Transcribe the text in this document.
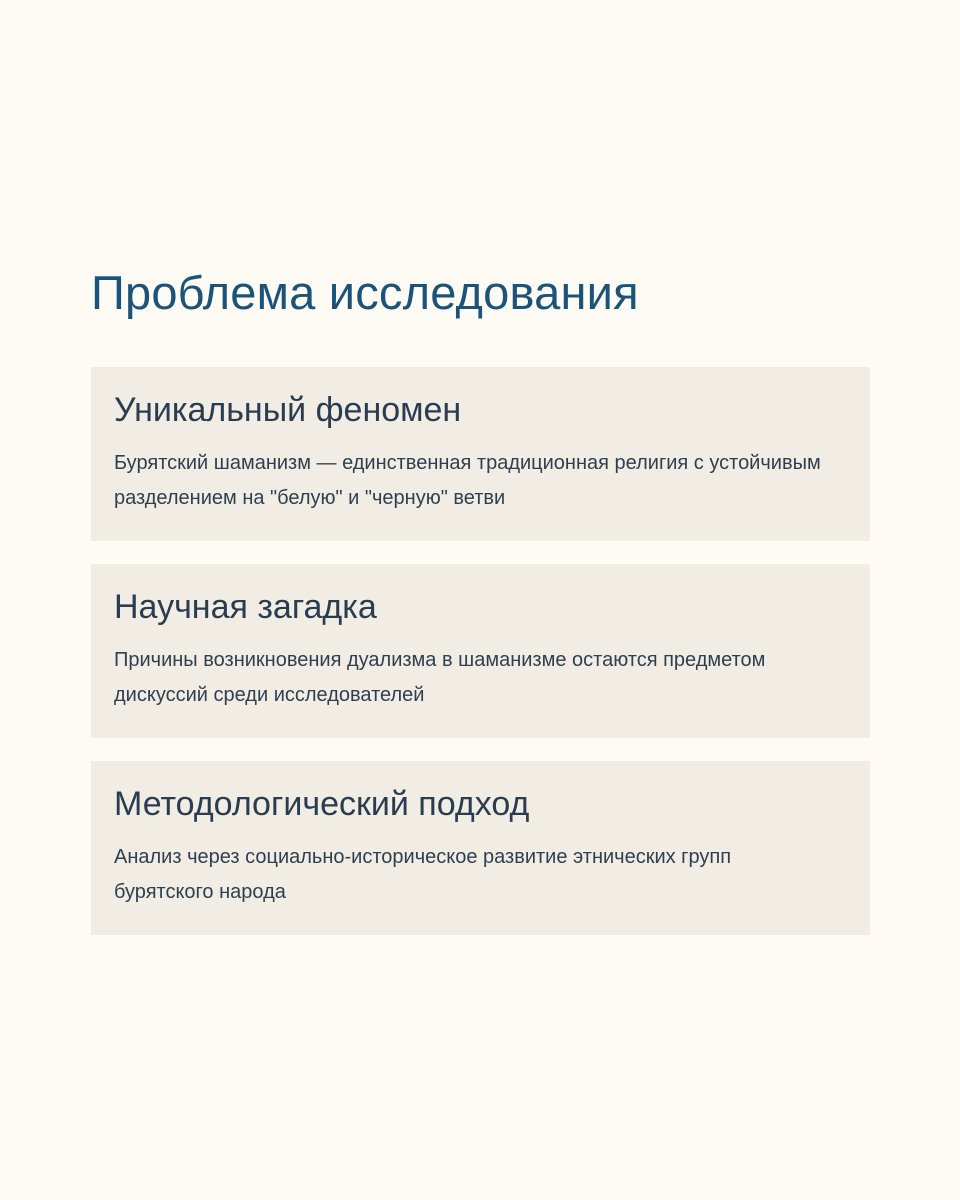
Проблема исследования
Уникальный феномен

Бурятский шаманизм — единственная традиционная религия с устойчивым разделением на "белую" и "черную" ветви

Научная загадка

Причины возникновения дуализма в шаманизме остаются предметом дискуссий среди исследователей

Методологический подход

Анализ через социально-историческое развитие этнических групп бурятского народа
